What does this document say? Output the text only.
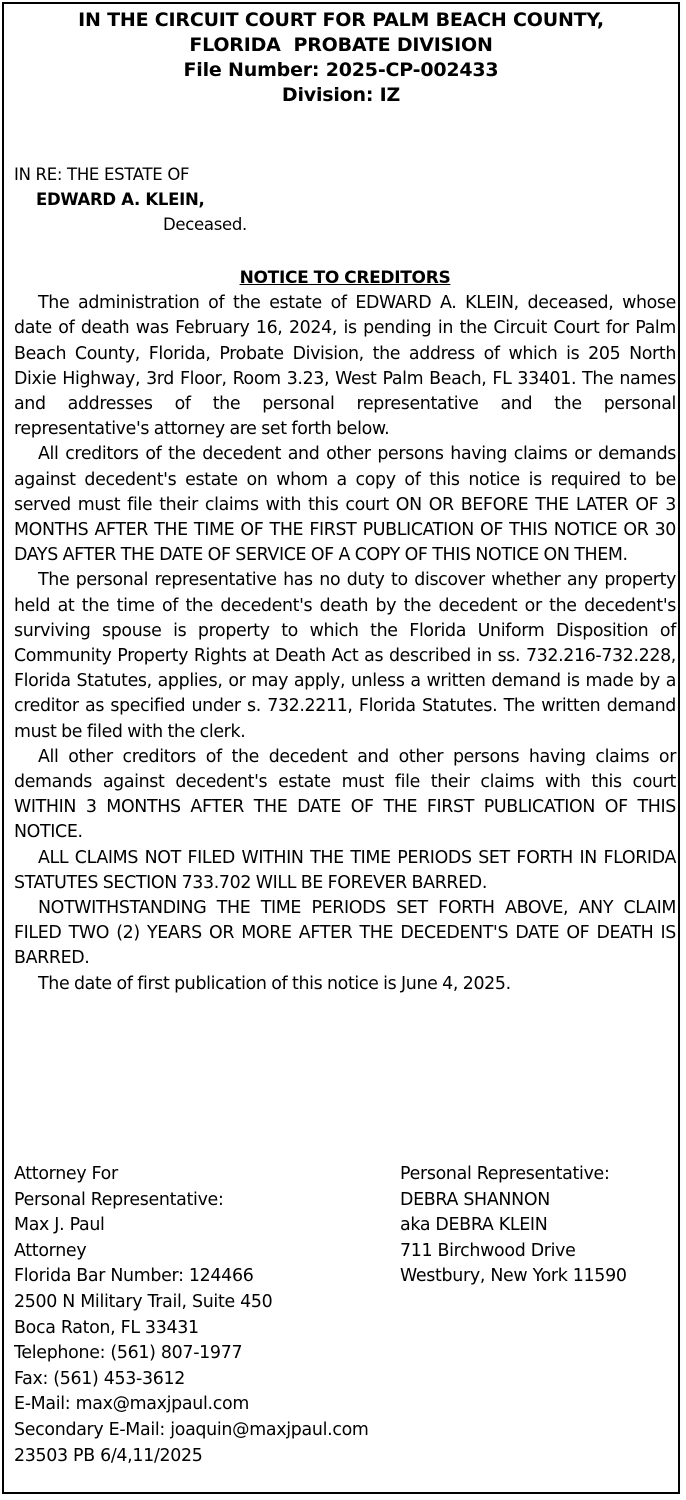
IN THE CIRCUIT COURT FOR PALM BEACH COUNTY,
FLORIDA  PROBATE DIVISION
File Number: 2025-CP-002433
Division: IZ
IN RE: THE ESTATE OF
EDWARD A. KLEIN,
Deceased.
NOTICE TO CREDITORS

The administration of the estate of EDWARD A. KLEIN, deceased, whose date of death was February 16, 2024, is pending in the Circuit Court for Palm Beach County, Florida, Probate Division, the address of which is 205 North Dixie Highway, 3rd Floor, Room 3.23, West Palm Beach, FL 33401. The names and addresses of the personal representative and the personal representative's attorney are set forth below.

All creditors of the decedent and other persons having claims or demands against decedent's estate on whom a copy of this notice is required to be served must file their claims with this court ON OR BEFORE THE LATER OF 3 MONTHS AFTER THE TIME OF THE FIRST PUBLICATION OF THIS NOTICE OR 30 DAYS AFTER THE DATE OF SERVICE OF A COPY OF THIS NOTICE ON THEM.

The personal representative has no duty to discover whether any property held at the time of the decedent's death by the decedent or the decedent's surviving spouse is property to which the Florida Uniform Disposition of Community Property Rights at Death Act as described in ss. 732.216-732.228, Florida Statutes, applies, or may apply, unless a written demand is made by a creditor as specified under s. 732.2211, Florida Statutes. The written demand must be filed with the clerk.

All other creditors of the decedent and other persons having claims or demands against decedent's estate must file their claims with this court WITHIN 3 MONTHS AFTER THE DATE OF THE FIRST PUBLICATION OF THIS NOTICE.

ALL CLAIMS NOT FILED WITHIN THE TIME PERIODS SET FORTH IN FLORIDA STATUTES SECTION 733.702 WILL BE FOREVER BARRED.

NOTWITHSTANDING THE TIME PERIODS SET FORTH ABOVE, ANY CLAIM FILED TWO (2) YEARS OR MORE AFTER THE DECEDENT'S DATE OF DEATH IS BARRED.

The date of first publication of this notice is June 4, 2025.

Attorney For
Personal Representative:
Max J. Paul
Attorney
Florida Bar Number: 124466
2500 N Military Trail, Suite 450
Boca Raton, FL 33431
Telephone: (561) 807-1977
Fax: (561) 453-3612
E-Mail: max@maxjpaul.com
Secondary E-Mail: joaquin@maxjpaul.com
23503 PB 6/4,11/2025
Personal Representative:
DEBRA SHANNON
aka DEBRA KLEIN
711 Birchwood Drive
Westbury, New York 11590
